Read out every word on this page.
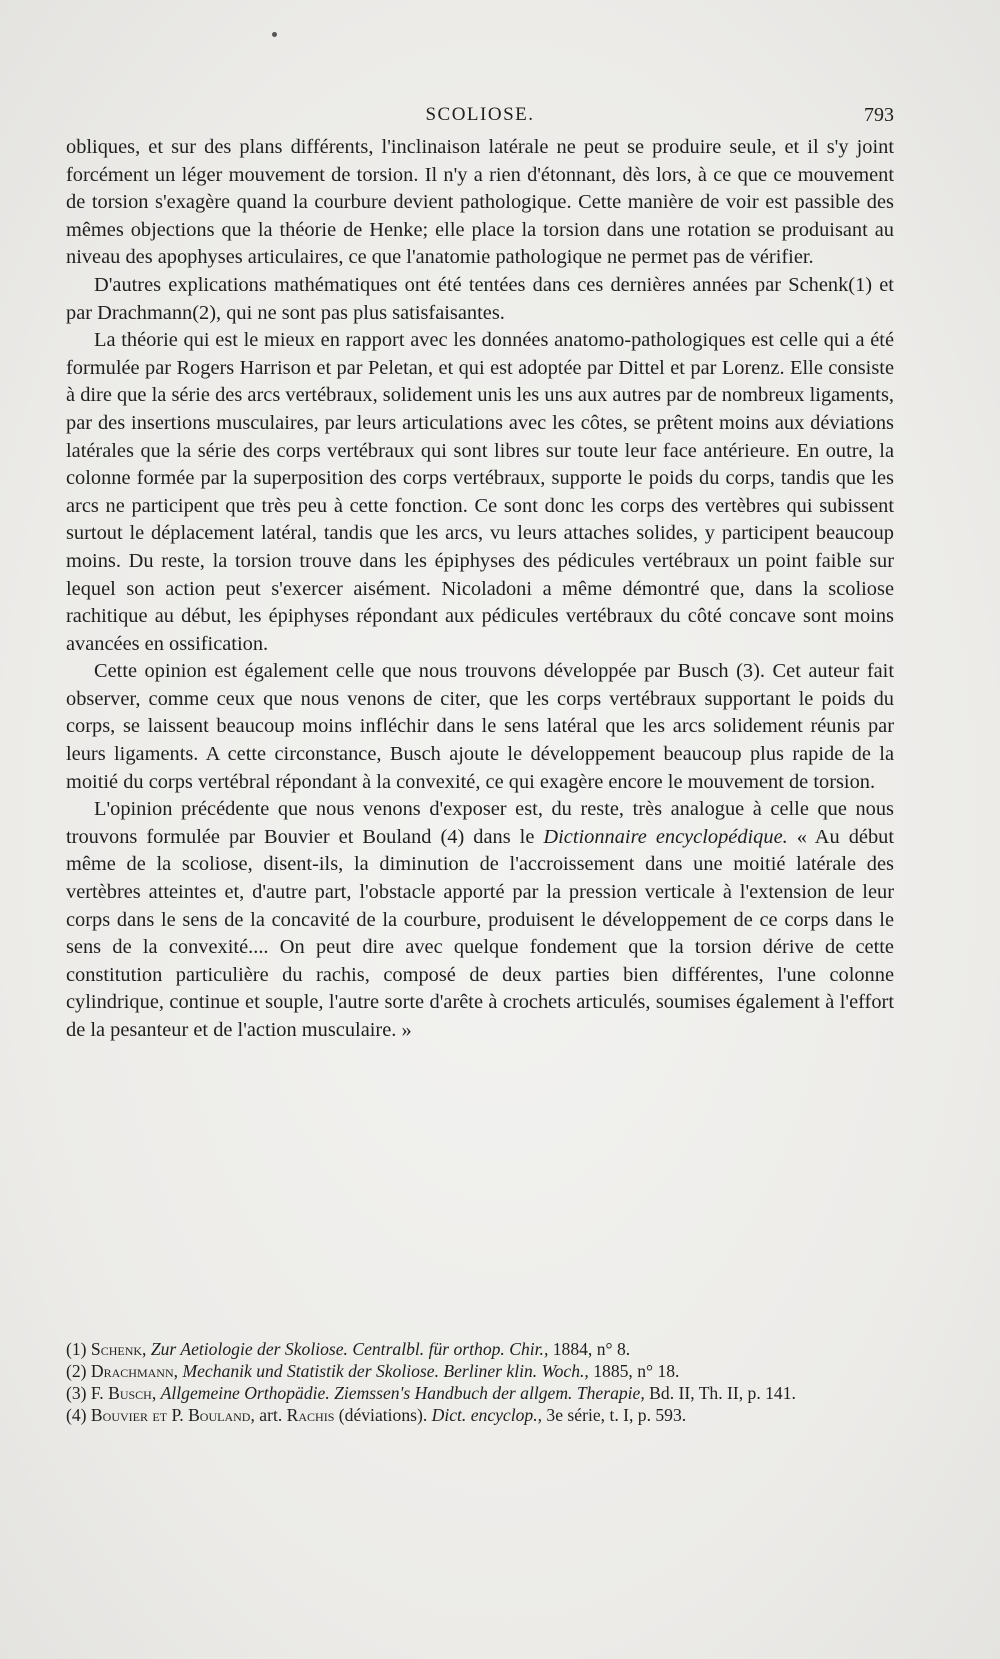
SCOLIOSE.	793

obliques, et sur des plans différents, l'inclinaison latérale ne peut se produire seule, et il s'y joint forcément un léger mouvement de torsion. Il n'y a rien d'étonnant, dès lors, à ce que ce mouvement de torsion s'exagère quand la courbure devient pathologique. Cette manière de voir est passible des mêmes objections que la théorie de Henke; elle place la torsion dans une rotation se produisant au niveau des apophyses articulaires, ce que l'anatomie pathologique ne permet pas de vérifier.

D'autres explications mathématiques ont été tentées dans ces dernières années par Schenk(1) et par Drachmann(2), qui ne sont pas plus satisfaisantes.

La théorie qui est le mieux en rapport avec les données anatomo-pathologiques est celle qui a été formulée par Rogers Harrison et par Peletan, et qui est adoptée par Dittel et par Lorenz. Elle consiste à dire que la série des arcs vertébraux, solidement unis les uns aux autres par de nombreux ligaments, par des insertions musculaires, par leurs articulations avec les côtes, se prêtent moins aux déviations latérales que la série des corps vertébraux qui sont libres sur toute leur face antérieure. En outre, la colonne formée par la superposition des corps vertébraux, supporte le poids du corps, tandis que les arcs ne participent que très peu à cette fonction. Ce sont donc les corps des vertèbres qui subissent surtout le déplacement latéral, tandis que les arcs, vu leurs attaches solides, y participent beaucoup moins. Du reste, la torsion trouve dans les épiphyses des pédicules vertébraux un point faible sur lequel son action peut s'exercer aisément. Nicoladoni a même démontré que, dans la scoliose rachitique au début, les épiphyses répondant aux pédicules vertébraux du côté concave sont moins avancées en ossification.

Cette opinion est également celle que nous trouvons développée par Busch (3). Cet auteur fait observer, comme ceux que nous venons de citer, que les corps vertébraux supportant le poids du corps, se laissent beaucoup moins infléchir dans le sens latéral que les arcs solidement réunis par leurs ligaments. A cette circonstance, Busch ajoute le développement beaucoup plus rapide de la moitié du corps vertébral répondant à la convexité, ce qui exagère encore le mouvement de torsion.

L'opinion précédente que nous venons d'exposer est, du reste, très analogue à celle que nous trouvons formulée par Bouvier et Bouland (4) dans le Dictionnaire encyclopédique. « Au début même de la scoliose, disent-ils, la diminution de l'accroissement dans une moitié latérale des vertèbres atteintes et, d'autre part, l'obstacle apporté par la pression verticale à l'extension de leur corps dans le sens de la concavité de la courbure, produisent le développement de ce corps dans le sens de la convexité.... On peut dire avec quelque fondement que la torsion dérive de cette constitution particulière du rachis, composé de deux parties bien différentes, l'une colonne cylindrique, continue et souple, l'autre sorte d'arête à crochets articulés, soumises également à l'effort de la pesanteur et de l'action musculaire. »

(1) Schenk, Zur Aetiologie der Skoliose. Centralbl. für orthop. Chir., 1884, n° 8.

(2) Drachmann, Mechanik und Statistik der Skoliose. Berliner klin. Woch., 1885, n° 18.

(3) F. Busch, Allgemeine Orthopädie. Ziemssen's Handbuch der allgem. Therapie, Bd. II, Th. II, p. 141.

(4) Bouvier et P. Bouland, art. Rachis (déviations). Dict. encyclop., 3e série, t. I, p. 593.
